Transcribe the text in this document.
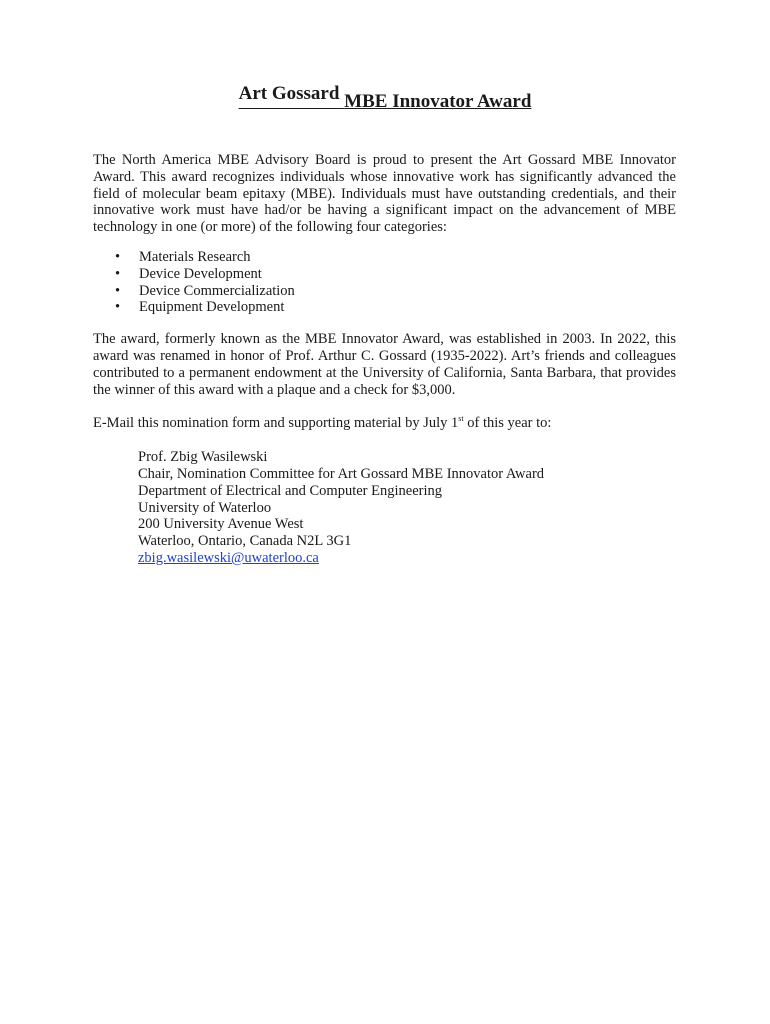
Art Gossard MBE Innovator Award

The North America MBE Advisory Board is proud to present the Art Gossard MBE Innovator Award. This award recognizes individuals whose innovative work has significantly advanced the field of molecular beam epitaxy (MBE). Individuals must have outstanding credentials, and their innovative work must have had/or be having a significant impact on the advancement of MBE technology in one (or more) of the following four categories:

• Materials Research
• Device Development
• Device Commercialization
• Equipment Development

The award, formerly known as the MBE Innovator Award, was established in 2003. In 2022, this award was renamed in honor of Prof. Arthur C. Gossard (1935-2022). Art’s friends and colleagues contributed to a permanent endowment at the University of California, Santa Barbara, that provides the winner of this award with a plaque and a check for $3,000.

E-Mail this nomination form and supporting material by July 1st of this year to:

Prof. Zbig Wasilewski
Chair, Nomination Committee for Art Gossard MBE Innovator Award
Department of Electrical and Computer Engineering
University of Waterloo
200 University Avenue West
Waterloo, Ontario, Canada N2L 3G1
zbig.wasilewski@uwaterloo.ca
